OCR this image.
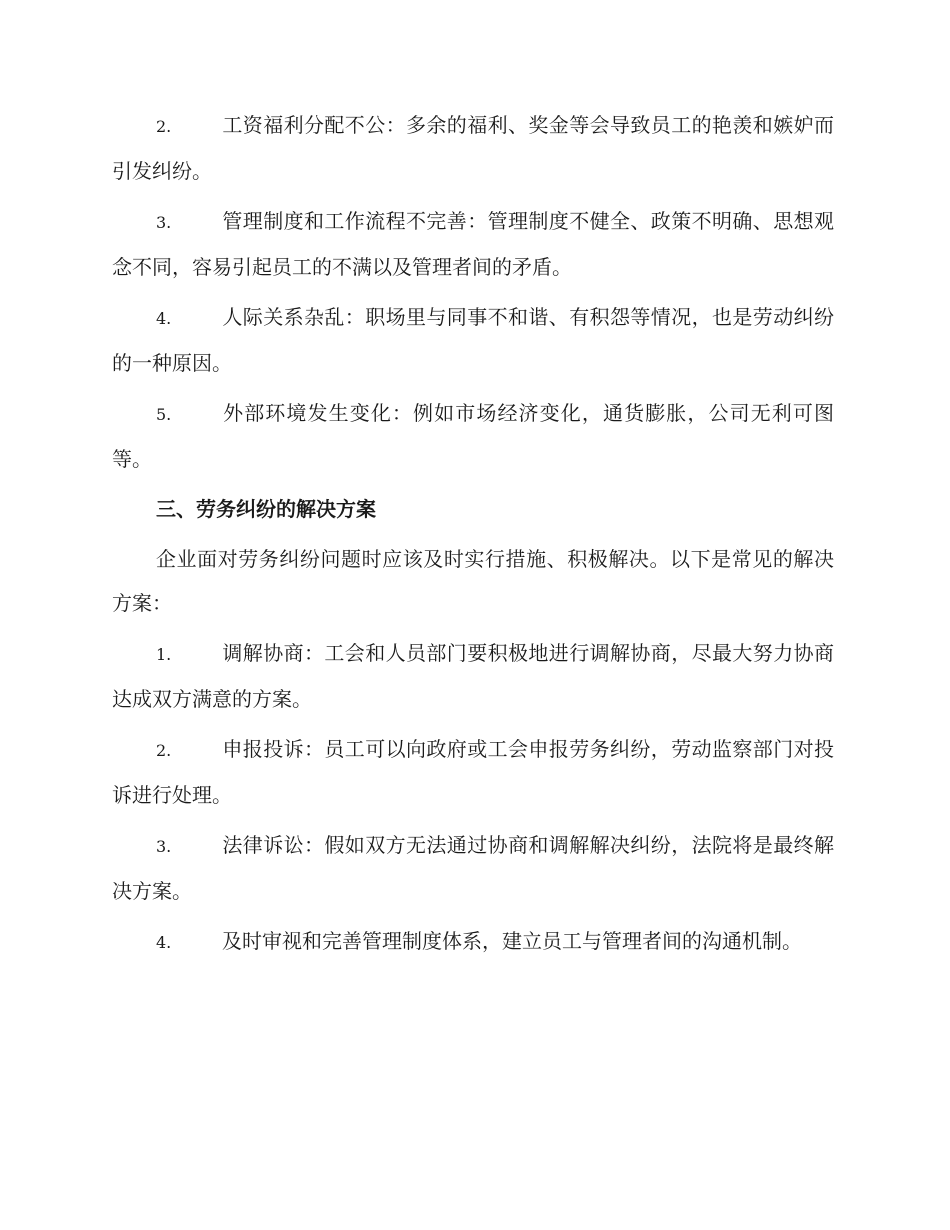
2.	工资福利分配不公：多余的福利、奖金等会导致员工的艳羡和嫉妒而引发纠纷。

3.	管理制度和工作流程不完善：管理制度不健全、政策不明确、思想观念不同，容易引起员工的不满以及管理者间的矛盾。

4.	人际关系杂乱：职场里与同事不和谐、有积怨等情况，也是劳动纠纷的一种原因。

5.	外部环境发生变化：例如市场经济变化，通货膨胀，公司无利可图等。

三、劳务纠纷的解决方案

企业面对劳务纠纷问题时应该及时实行措施、积极解决。以下是常见的解决方案：

1.	调解协商：工会和人员部门要积极地进行调解协商，尽最大努力协商达成双方满意的方案。

2.	申报投诉：员工可以向政府或工会申报劳务纠纷，劳动监察部门对投诉进行处理。

3.	法律诉讼：假如双方无法通过协商和调解解决纠纷，法院将是最终解决方案。

4.	及时审视和完善管理制度体系，建立员工与管理者间的沟通机制。
